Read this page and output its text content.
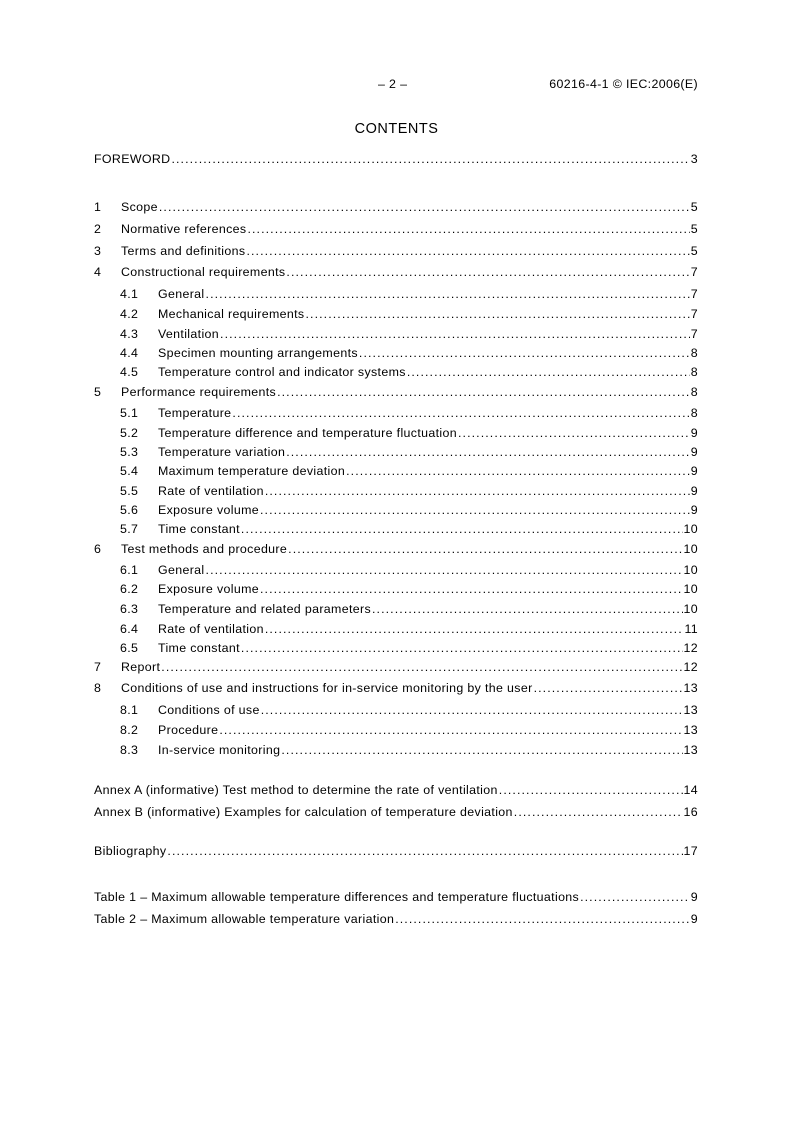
– 2 –	60216-4-1 © IEC:2006(E)
CONTENTS
FOREWORD .....	3
1	Scope .....	5
2	Normative references .....	5
3	Terms and definitions .....	5
4	Constructional requirements .....	7
4.1	General .....	7
4.2	Mechanical requirements .....	7
4.3	Ventilation .....	7
4.4	Specimen mounting arrangements .....	8
4.5	Temperature control and indicator systems .....	8
5	Performance requirements .....	8
5.1	Temperature .....	8
5.2	Temperature difference and temperature fluctuation .....	9
5.3	Temperature variation .....	9
5.4	Maximum temperature deviation .....	9
5.5	Rate of ventilation .....	9
5.6	Exposure volume .....	9
5.7	Time constant .....	10
6	Test methods and procedure .....	10
6.1	General .....	10
6.2	Exposure volume .....	10
6.3	Temperature and related parameters .....	10
6.4	Rate of ventilation .....	11
6.5	Time constant .....	12
7	Report .....	12
8	Conditions of use and instructions for in-service monitoring by the user .....	13
8.1	Conditions of use .....	13
8.2	Procedure .....	13
8.3	In-service monitoring .....	13
Annex A (informative) Test method to determine the rate of ventilation .....	14
Annex B (informative) Examples for calculation of temperature deviation .....	16
Bibliography .....	17
Table 1 – Maximum allowable temperature differences and temperature fluctuations .....	9
Table 2 – Maximum allowable temperature variation .....	9
